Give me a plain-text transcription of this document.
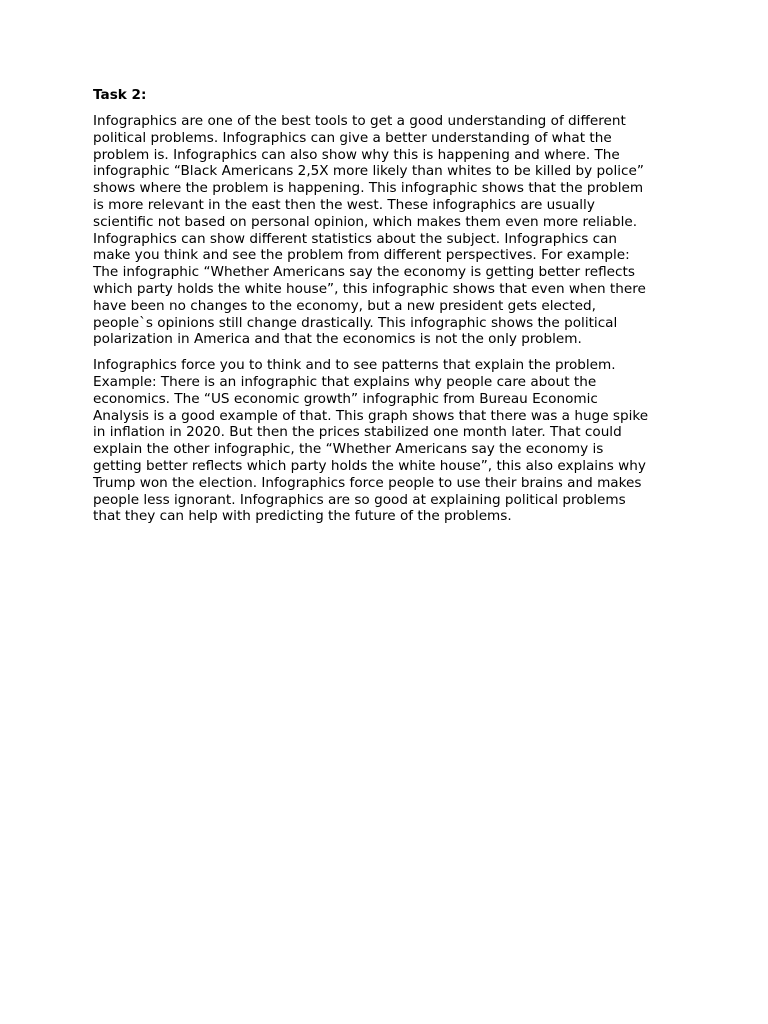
Task 2:
Infographics are one of the best tools to get a good understanding of different
political problems. Infographics can give a better understanding of what the
problem is. Infographics can also show why this is happening and where. The
infographic “Black Americans 2,5X more likely than whites to be killed by police”
shows where the problem is happening. This infographic shows that the problem
is more relevant in the east then the west. These infographics are usually
scientific not based on personal opinion, which makes them even more reliable.
Infographics can show different statistics about the subject. Infographics can
make you think and see the problem from different perspectives. For example:
The infographic “Whether Americans say the economy is getting better reflects
which party holds the white house”, this infographic shows that even when there
have been no changes to the economy, but a new president gets elected,
people`s opinions still change drastically. This infographic shows the political
polarization in America and that the economics is not the only problem.
Infographics force you to think and to see patterns that explain the problem.
Example: There is an infographic that explains why people care about the
economics. The “US economic growth” infographic from Bureau Economic
Analysis is a good example of that. This graph shows that there was a huge spike
in inflation in 2020. But then the prices stabilized one month later. That could
explain the other infographic, the “Whether Americans say the economy is
getting better reflects which party holds the white house”, this also explains why
Trump won the election. Infographics force people to use their brains and makes
people less ignorant. Infographics are so good at explaining political problems
that they can help with predicting the future of the problems.
